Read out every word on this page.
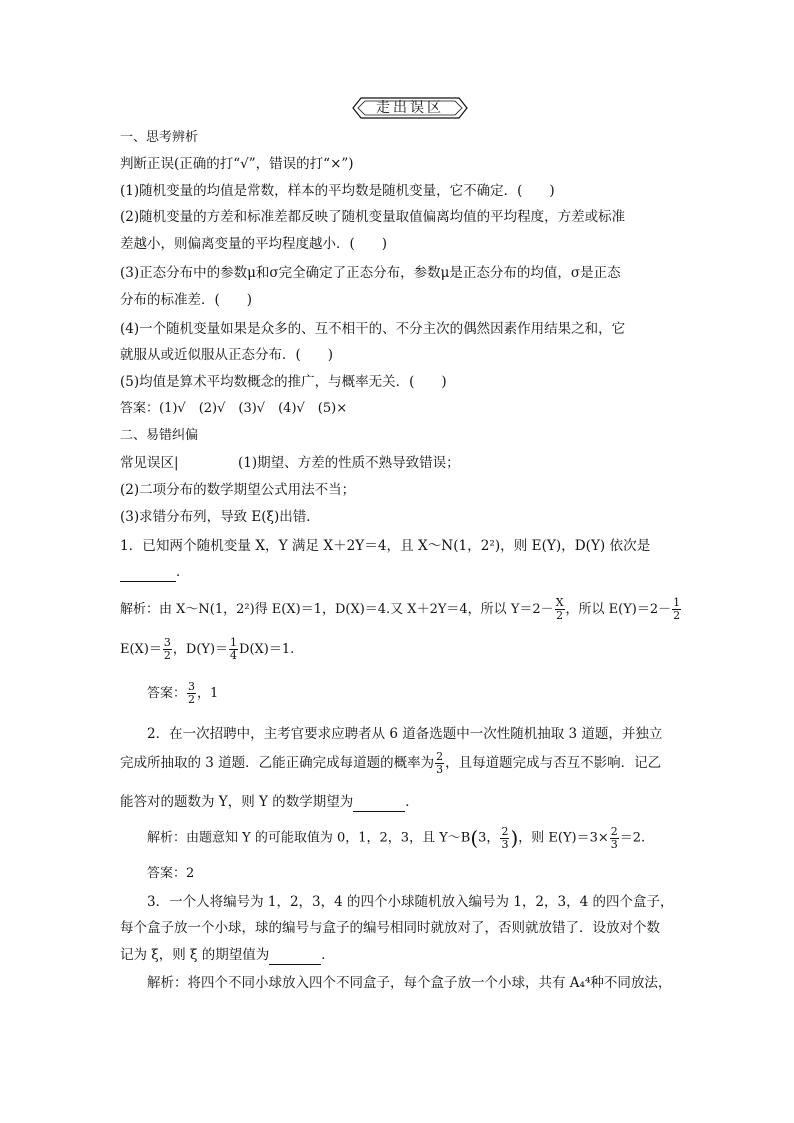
走出误区
一、思考辨析
判断正误(正确的打“√”，错误的打“×”)
(1)随机变量的均值是常数，样本的平均数是随机变量，它不确定．(　　)
(2)随机变量的方差和标准差都反映了随机变量取值偏离均值的平均程度，方差或标准
差越小，则偏离变量的平均程度越小．(　　)
(3)正态分布中的参数μ和σ完全确定了正态分布，参数μ是正态分布的均值，σ是正态
分布的标准差．(　　)
(4)一个随机变量如果是众多的、互不相干的、不分主次的偶然因素作用结果之和，它
就服从或近似服从正态分布．(　　)
(5)均值是算术平均数概念的推广，与概率无关．(　　)
答案：(1)√　(2)√　(3)√　(4)√　(5)×
二、易错纠偏
常见误区|	(1)期望、方差的性质不熟导致错误；
(2)二项分布的数学期望公式用法不当；
(3)求错分布列，导致 E(ξ)出错．
1．已知两个随机变量 X，Y 满足 X＋2Y＝4，且 X～N(1，2²)，则 E(Y)，D(Y) 依次是
．
解析：由 X～N(1，2²)得 E(X)＝1，D(X)＝4.又 X＋2Y＝4，所以 $Y=2- \frac{X}{2}$ ，所以 $E(Y)=2- \frac{1}{2}$
$E(X)= \frac{3}{2}$ ，$D(Y)= \frac{1}{4} D(X)=1$.
答案： $\frac{3}{2}$ ，1
2．在一次招聘中，主考官要求应聘者从 6 道备选题中一次性随机抽取 3 道题，并独立
完成所抽取的 3 道题．乙能正确完成每道题的概率为 $\frac{2}{3}$ ，且每道题完成与否互不影响．记乙
能答对的题数为 Y，则 Y 的数学期望为	．
解析：由题意知 Y 的可能取值为 0，1，2，3，且 Y～B(3， $\frac{2}{3}$ )，则 $E(Y)=3\times \frac{2}{3} =2$.
答案：2
3．一个人将编号为 1，2，3，4 的四个小球随机放入编号为 1，2，3，4 的四个盒子，
每个盒子放一个小球，球的编号与盒子的编号相同时就放对了，否则就放错了．设放对个数
记为 ξ，则 ξ 的期望值为	．
解析：将四个不同小球放入四个不同盒子，每个盒子放一个小球，共有 A₄⁴种不同放法，
